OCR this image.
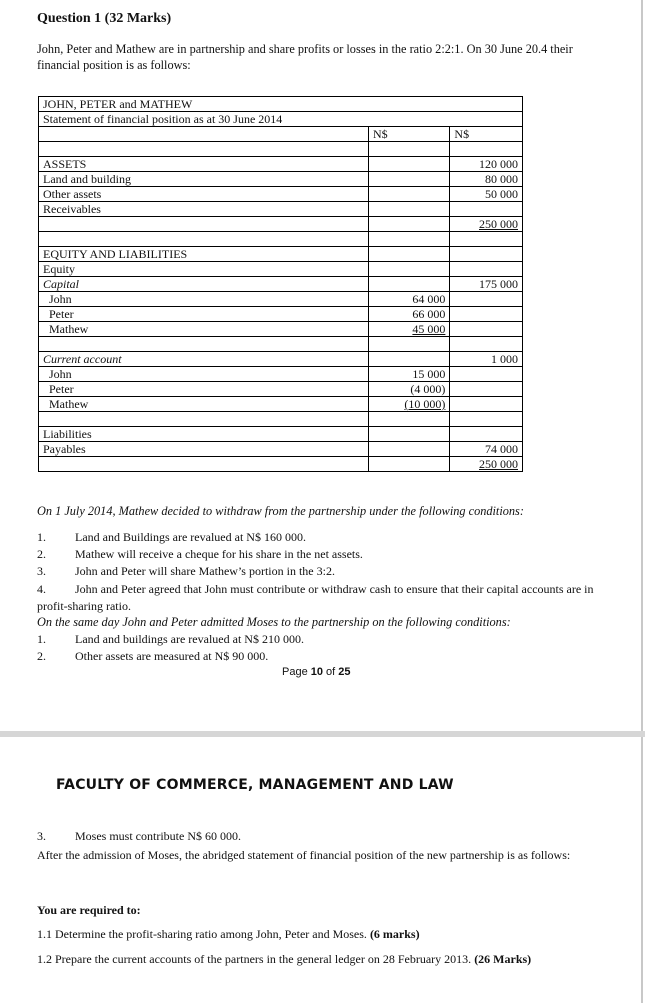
Question 1 (32 Marks)
John, Peter and Mathew are in partnership and share profits or losses in the ratio 2:2:1. On 30 June 20.4 their financial position is as follows:
JOHN, PETER and MATHEW		
Statement of financial position as at 30 June 2014		
	N$	N$

ASSETS		120 000
Land and building		80 000
Other assets		50 000
Receivables		
		250 000

EQUITY AND LIABILITIES		
Equity		
Capital		175 000
John	64 000	
Peter	66 000	
Mathew	45 000	

Current account		1 000
John	15 000	
Peter	(4 000)	
Mathew	(10 000)	

Liabilities		
Payables		74 000
		250 000
On 1 July 2014, Mathew decided to withdraw from the partnership under the following conditions:
1. Land and Buildings are revalued at N$ 160 000.
2. Mathew will receive a cheque for his share in the net assets.
3. John and Peter will share Mathew’s portion in the 3:2.
4. John and Peter agreed that John must contribute or withdraw cash to ensure that their capital accounts are in profit-sharing ratio.
On the same day John and Peter admitted Moses to the partnership on the following conditions:
1. Land and buildings are revalued at N$ 210 000.
2. Other assets are measured at N$ 90 000.
Page 10 of 25
FACULTY OF COMMERCE, MANAGEMENT AND LAW
3. Moses must contribute N$ 60 000.
After the admission of Moses, the abridged statement of financial position of the new partnership is as follows:
You are required to:
1.1 Determine the profit-sharing ratio among John, Peter and Moses. (6 marks)
1.2 Prepare the current accounts of the partners in the general ledger on 28 February 2013. (26 Marks)
